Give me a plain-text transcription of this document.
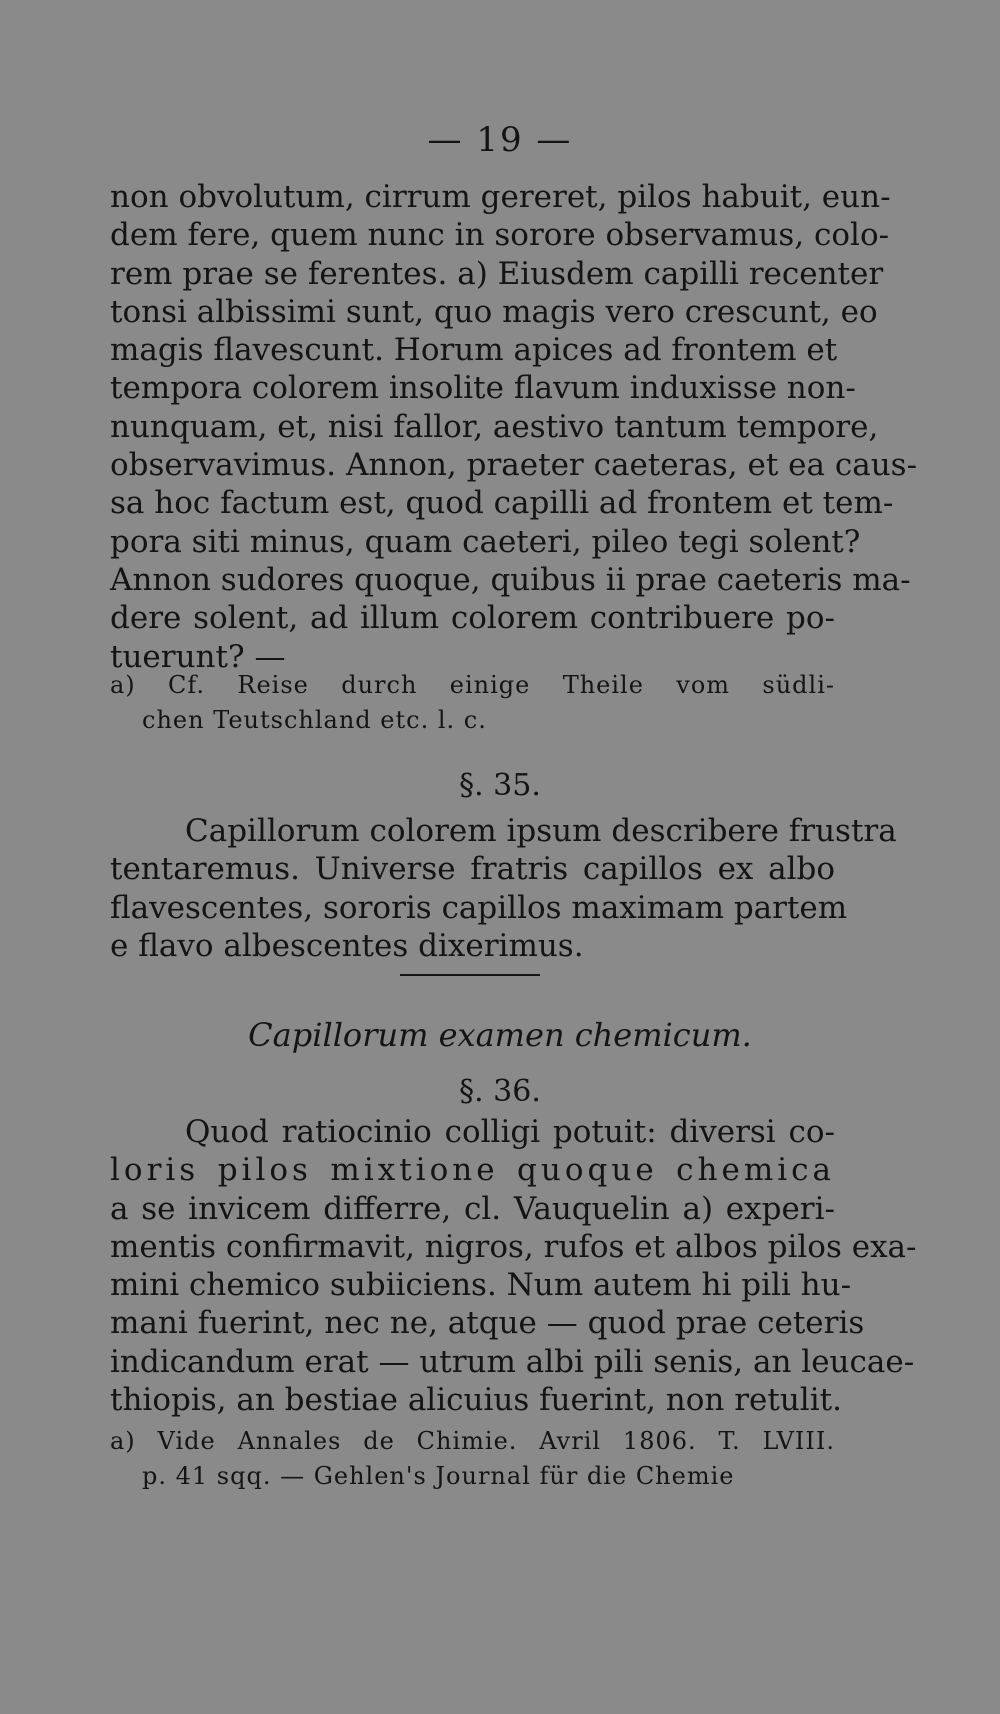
— 19 —
non obvolutum, cirrum gereret, pilos habuit, eun-
dem fere, quem nunc in sorore observamus, colo-
rem prae se ferentes. a) Eiusdem capilli recenter
tonsi albissimi sunt, quo magis vero crescunt, eo
magis flavescunt. Horum apices ad frontem et
tempora colorem insolite flavum induxisse non-
nunquam, et, nisi fallor, aestivo tantum tempore,
observavimus. Annon, praeter caeteras, et ea caus-
sa hoc factum est, quod capilli ad frontem et tem-
pora siti minus, quam caeteri, pileo tegi solent?
Annon sudores quoque, quibus ii prae caeteris ma-
dere solent, ad illum colorem contribuere po-
tuerunt? —
a) Cf. Reise durch einige Theile vom südli-
chen Teutschland etc. l. c.
§. 35.
Capillorum colorem ipsum describere frustra
tentaremus. Universe fratris capillos ex albo
flavescentes, sororis capillos maximam partem
e flavo albescentes dixerimus.
Capillorum examen chemicum.
§. 36.
Quod ratiocinio colligi potuit: diversi co-
loris pilos mixtione quoque chemica
a se invicem differre, cl. Vauquelin a) experi-
mentis confirmavit, nigros, rufos et albos pilos exa-
mini chemico subiiciens. Num autem hi pili hu-
mani fuerint, nec ne, atque — quod prae ceteris
indicandum erat — utrum albi pili senis, an leucae-
thiopis, an bestiae alicuius fuerint, non retulit.
a) Vide Annales de Chimie. Avril 1806. T. LVIII.
p. 41 sqq. — Gehlen's Journal für die Chemie
